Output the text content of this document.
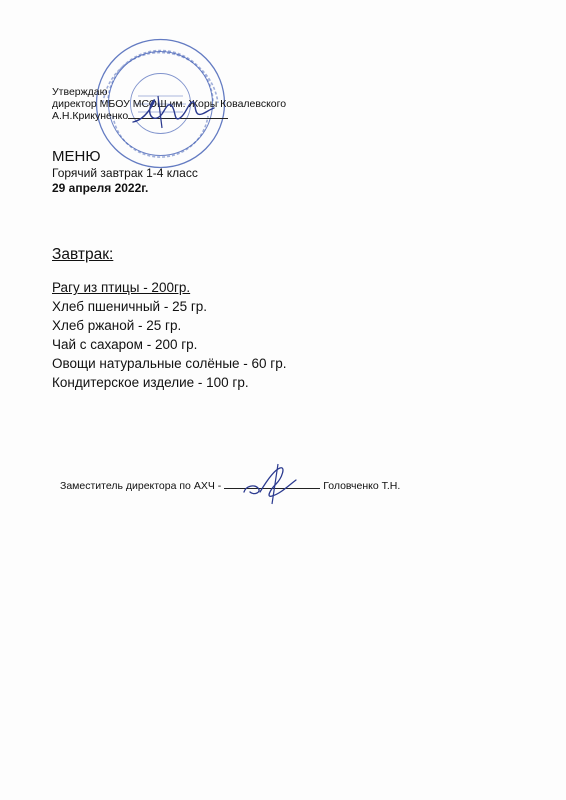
Утверждаю
директор МБОУ МСОШ им. Жоры Ковалевского
А.Н.Крикуненко
МЕНЮ
Горячий завтрак 1-4 класс
29 апреля 2022г.
Завтрак:
Рагу из птицы - 200гр.
Хлеб пшеничный - 25 гр.
Хлеб ржаной - 25 гр.
Чай с сахаром - 200 гр.
Овощи натуральные солёные - 60 гр.
Кондитерское изделие - 100 гр.
Заместитель директора по АХЧ -	Головченко Т.Н.
